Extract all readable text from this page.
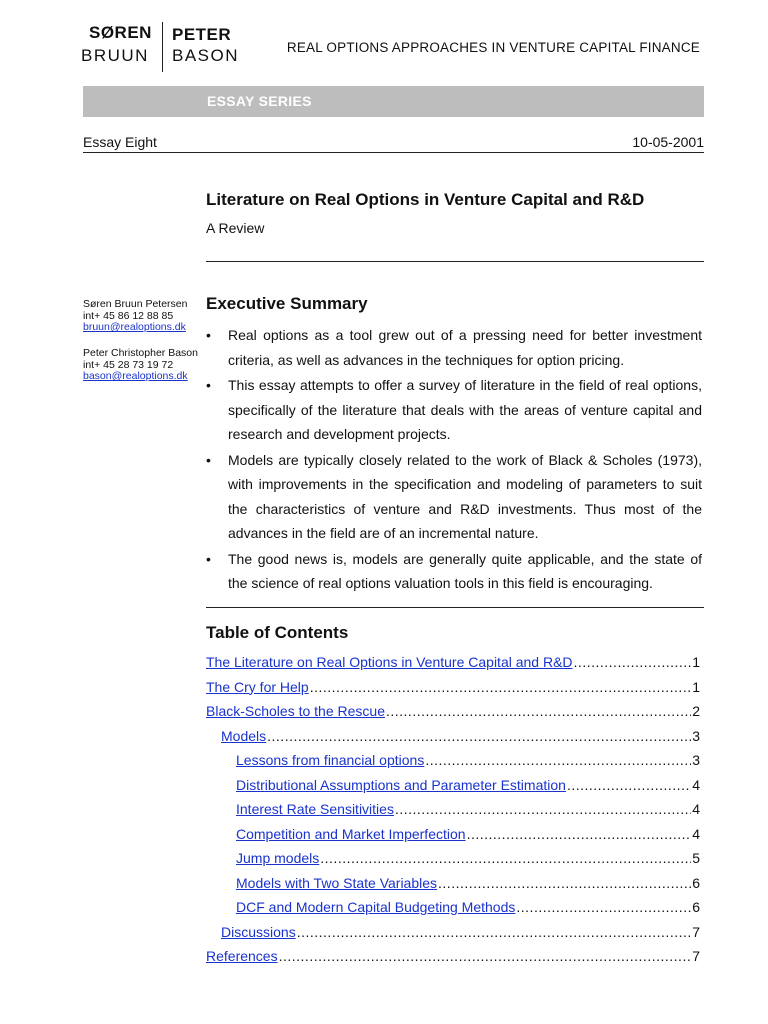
SØREN
BRUUN
PETER
BASON	REAL OPTIONS APPROACHES IN VENTURE CAPITAL FINANCE
ESSAY SERIES
Essay Eight	10-05-2001
Literature on Real Options in Venture Capital and R&D
A Review
Søren Bruun Petersen
int+ 45 86 12 88 85
bruun@realoptions.dk
Peter Christopher Bason
int+ 45 28 73 19 72
bason@realoptions.dk
Executive Summary
• Real options as a tool grew out of a pressing need for better investment criteria, as well as advances in the techniques for option pricing.
• This essay attempts to offer a survey of literature in the field of real options, specifically of the literature that deals with the areas of venture capital and research and development projects.
• Models are typically closely related to the work of Black & Scholes (1973), with improvements in the specification and modeling of parameters to suit the characteristics of venture and R&D investments. Thus most of the advances in the field are of an incremental nature.
• The good news is, models are generally quite applicable, and the state of the science of real options valuation tools in this field is encouraging.
Table of Contents
The Literature on Real Options in Venture Capital and R&D .....	1
The Cry for Help .....	1
Black-Scholes to the Rescue .....	2
Models .....	3
Lessons from financial options .....	3
Distributional Assumptions and Parameter Estimation .....	4
Interest Rate Sensitivities .....	4
Competition and Market Imperfection .....	4
Jump models .....	5
Models with Two State Variables .....	6
DCF and Modern Capital Budgeting Methods .....	6
Discussions .....	7
References .....	7
